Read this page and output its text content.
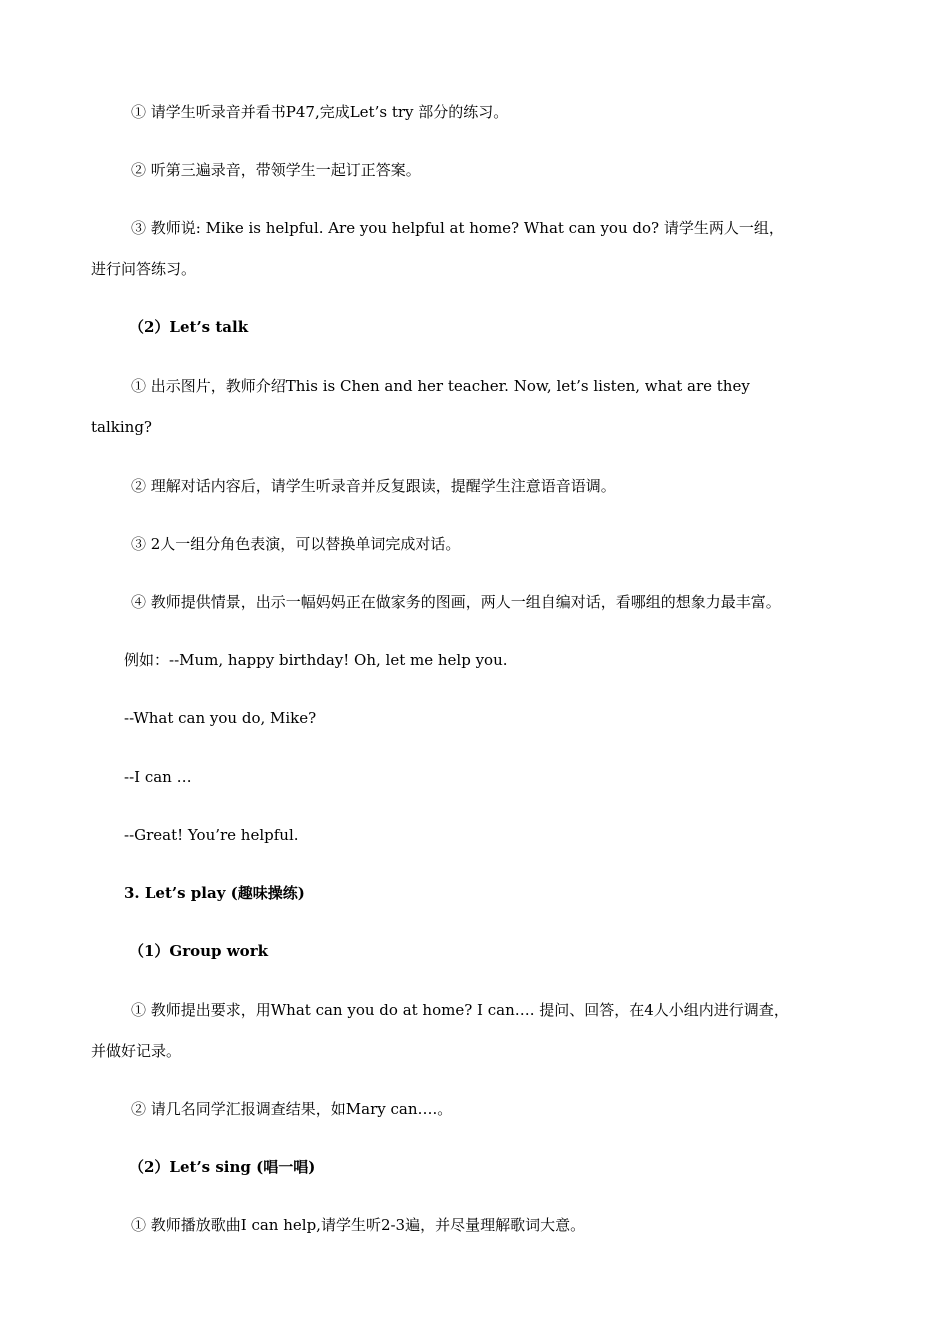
① 请学生听录音并看书P47,完成Let’s try 部分的练习。
② 听第三遍录音，带领学生一起订正答案。
③ 教师说: Mike is helpful. Are you helpful at home? What can you do? 请学生两人一组，
进行问答练习。
（2）Let’s talk
① 出示图片，教师介绍This is Chen and her teacher. Now, let’s listen, what are they
talking?
② 理解对话内容后，请学生听录音并反复跟读，提醒学生注意语音语调。
③ 2人一组分角色表演，可以替换单词完成对话。
④ 教师提供情景，出示一幅妈妈正在做家务的图画，两人一组自编对话，看哪组的想象力最丰富。
例如：--Mum, happy birthday! Oh, let me help you.
--What can you do, Mike?
--I can …
--Great! You’re helpful.
3. Let’s play (趣味操练)
（1）Group work
① 教师提出要求，用What can you do at home? I can…. 提问、回答，在4人小组内进行调查，
并做好记录。
② 请几名同学汇报调查结果，如Mary can….。
（2）Let’s sing (唱一唱)
① 教师播放歌曲I can help,请学生听2-3遍，并尽量理解歌词大意。
